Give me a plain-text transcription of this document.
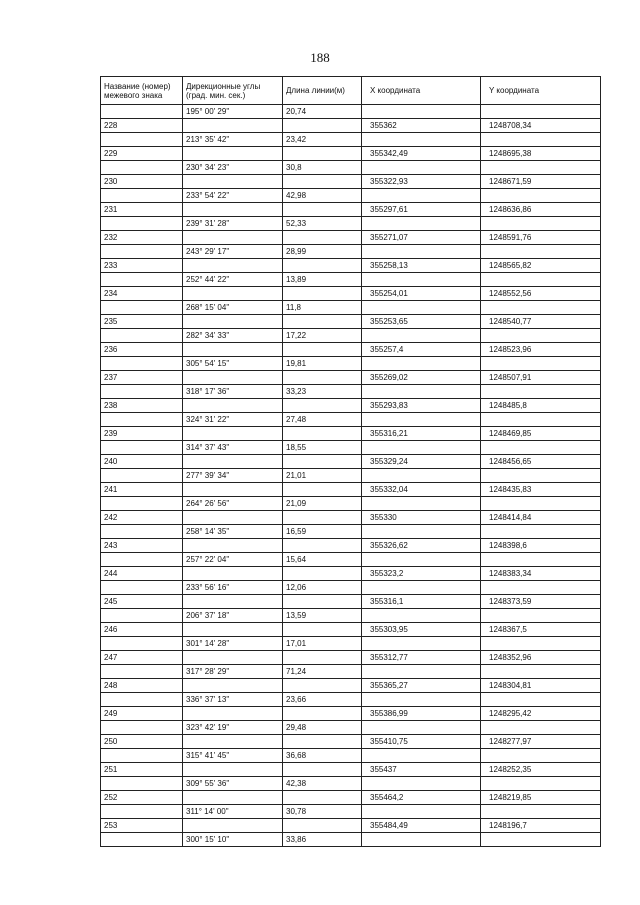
188
Название (номер) межевого знака	Дирекционные углы (град. мин. сек.)	Длина линии(м)	X координата	Y координата
	195° 00' 29"	20,74		
228			355362	1248708,34
	213° 35' 42"	23,42		
229			355342,49	1248695,38
	230° 34' 23"	30,8		
230			355322,93	1248671,59
	233° 54' 22"	42,98		
231			355297,61	1248636,86
	239° 31' 28"	52,33		
232			355271,07	1248591,76
	243° 29' 17"	28,99		
233			355258,13	1248565,82
	252° 44' 22"	13,89		
234			355254,01	1248552,56
	268° 15' 04"	11,8		
235			355253,65	1248540,77
	282° 34' 33"	17,22		
236			355257,4	1248523,96
	305° 54' 15"	19,81		
237			355269,02	1248507,91
	318° 17' 36"	33,23		
238			355293,83	1248485,8
	324° 31' 22"	27,48		
239			355316,21	1248469,85
	314° 37' 43"	18,55		
240			355329,24	1248456,65
	277° 39' 34"	21,01		
241			355332,04	1248435,83
	264° 26' 56"	21,09		
242			355330	1248414,84
	258° 14' 35"	16,59		
243			355326,62	1248398,6
	257° 22' 04"	15,64		
244			355323,2	1248383,34
	233° 56' 16"	12,06		
245			355316,1	1248373,59
	206° 37' 18"	13,59		
246			355303,95	1248367,5
	301° 14' 28"	17,01		
247			355312,77	1248352,96
	317° 28' 29"	71,24		
248			355365,27	1248304,81
	336° 37' 13"	23,66		
249			355386,99	1248295,42
	323° 42' 19"	29,48		
250			355410,75	1248277,97
	315° 41' 45"	36,68		
251			355437	1248252,35
	309° 55' 36"	42,38		
252			355464,2	1248219,85
	311° 14' 00"	30,78		
253			355484,49	1248196,7
	300° 15' 10"	33,86		
